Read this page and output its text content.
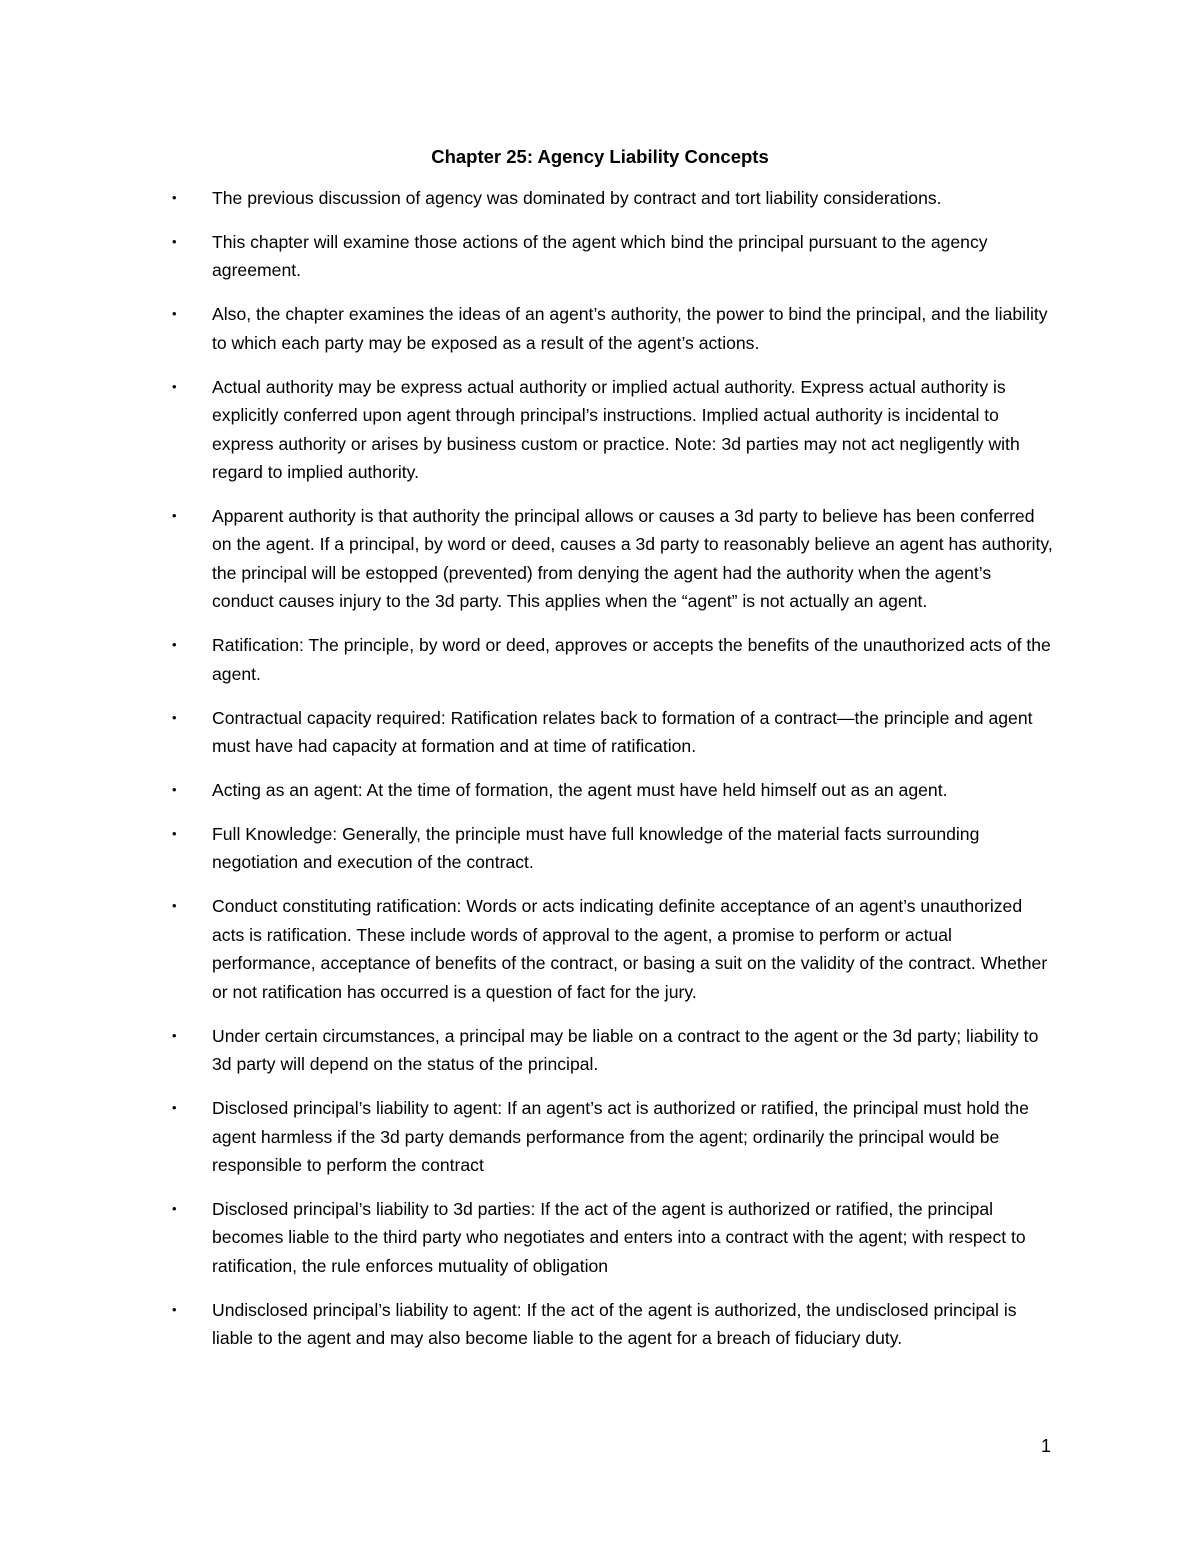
Chapter 25: Agency Liability Concepts
• The previous discussion of agency was dominated by contract and tort liability considerations.
• This chapter will examine those actions of the agent which bind the principal pursuant to the agency agreement.
• Also, the chapter examines the ideas of an agent’s authority, the power to bind the principal, and the liability to which each party may be exposed as a result of the agent’s actions.
• Actual authority may be express actual authority or implied actual authority. Express actual authority is explicitly conferred upon agent through principal’s instructions. Implied actual authority is incidental to express authority or arises by business custom or practice. Note: 3d parties may not act negligently with regard to implied authority.
• Apparent authority is that authority the principal allows or causes a 3d party to believe has been conferred on the agent. If a principal, by word or deed, causes a 3d party to reasonably believe an agent has authority, the principal will be estopped (prevented) from denying the agent had the authority when the agent’s conduct causes injury to the 3d party. This applies when the “agent” is not actually an agent.
• Ratification: The principle, by word or deed, approves or accepts the benefits of the unauthorized acts of the agent.
• Contractual capacity required: Ratification relates back to formation of a contract—the principle and agent must have had capacity at formation and at time of ratification.
• Acting as an agent: At the time of formation, the agent must have held himself out as an agent.
• Full Knowledge: Generally, the principle must have full knowledge of the material facts surrounding negotiation and execution of the contract.
• Conduct constituting ratification: Words or acts indicating definite acceptance of an agent’s unauthorized acts is ratification. These include words of approval to the agent, a promise to perform or actual performance, acceptance of benefits of the contract, or basing a suit on the validity of the contract. Whether or not ratification has occurred is a question of fact for the jury.
• Under certain circumstances, a principal may be liable on a contract to the agent or the 3d party; liability to 3d party will depend on the status of the principal.
• Disclosed principal’s liability to agent: If an agent’s act is authorized or ratified, the principal must hold the agent harmless if the 3d party demands performance from the agent; ordinarily the principal would be responsible to perform the contract
• Disclosed principal’s liability to 3d parties: If the act of the agent is authorized or ratified, the principal becomes liable to the third party who negotiates and enters into a contract with the agent; with respect to ratification, the rule enforces mutuality of obligation
• Undisclosed principal’s liability to agent: If the act of the agent is authorized, the undisclosed principal is liable to the agent and may also become liable to the agent for a breach of fiduciary duty.
1
